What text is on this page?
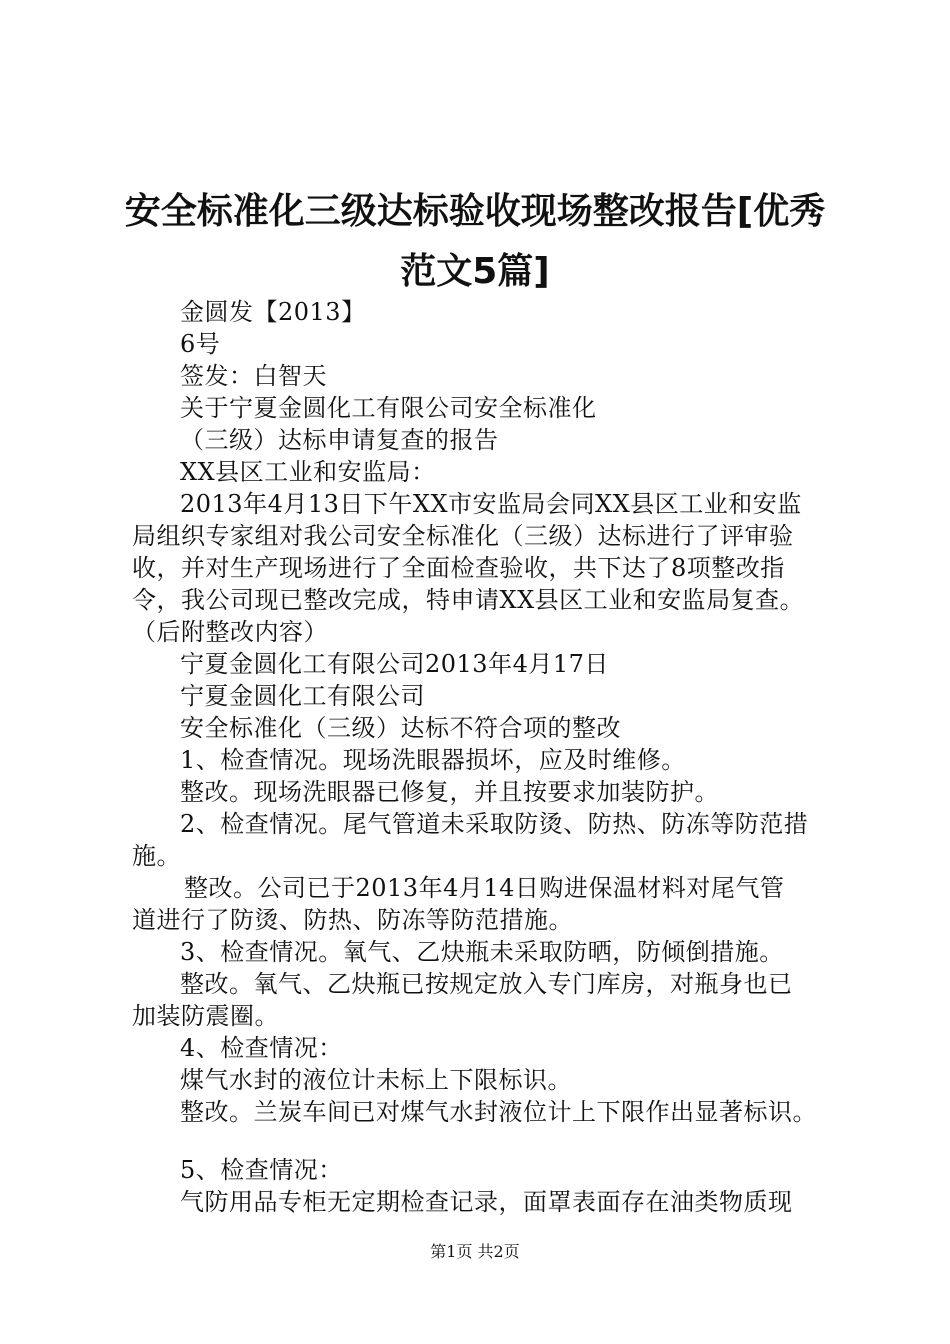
安全标准化三级达标验收现场整改报告[优秀
范文5篇]
金圆发【2013】
6号
签发：白智天
关于宁夏金圆化工有限公司安全标准化
（三级）达标申请复查的报告
XX县区工业和安监局：
2013年4月13日下午XX市安监局会同XX县区工业和安监
局组织专家组对我公司安全标准化（三级）达标进行了评审验
收，并对生产现场进行了全面检查验收，共下达了8项整改指
令，我公司现已整改完成，特申请XX县区工业和安监局复查。
（后附整改内容）
宁夏金圆化工有限公司2013年4月17日
宁夏金圆化工有限公司
安全标准化（三级）达标不符合项的整改
1、检查情况。现场洗眼器损坏，应及时维修。
整改。现场洗眼器已修复，并且按要求加装防护。
2、检查情况。尾气管道未采取防烫、防热、防冻等防范措
施。
整改。公司已于2013年4月14日购进保温材料对尾气管
道进行了防烫、防热、防冻等防范措施。
3、检查情况。氧气、乙炔瓶未采取防晒，防倾倒措施。
整改。氧气、乙炔瓶已按规定放入专门库房，对瓶身也已
加装防震圈。
4、检查情况：
煤气水封的液位计未标上下限标识。
整改。兰炭车间已对煤气水封液位计上下限作出显著标识。
5、检查情况：
气防用品专柜无定期检查记录，面罩表面存在油类物质现
第1页 共2页
